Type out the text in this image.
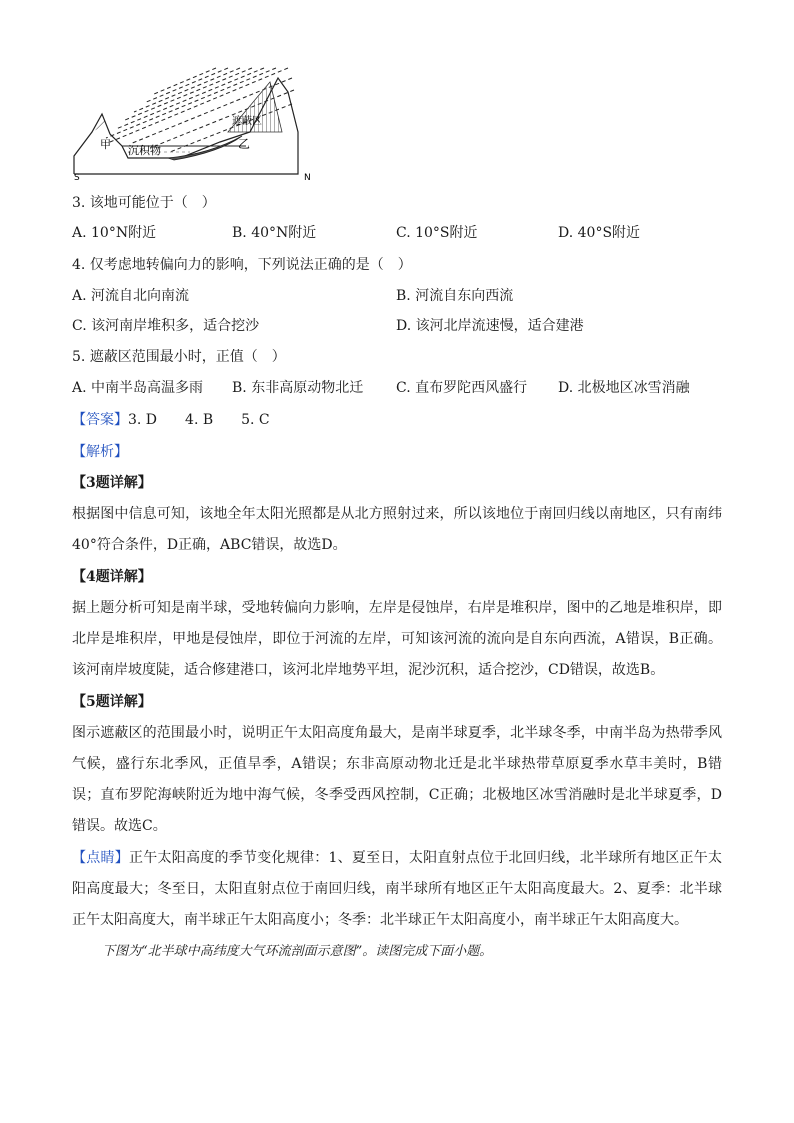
甲 沉积物	乙
遮蔽区
S	N
3. 该地可能位于（　）
A. 10°N附近	B. 40°N附近	C. 10°S附近	D. 40°S附近
4. 仅考虑地转偏向力的影响，下列说法正确的是（　）
A. 河流自北向南流	B. 河流自东向西流
C. 该河南岸堆积多，适合挖沙	D. 该河北岸流速慢，适合建港
5. 遮蔽区范围最小时，正值（　）
A. 中南半岛高温多雨 B. 东非高原动物北迁 C. 直布罗陀西风盛行 D. 北极地区冰雪消融
【答案】3. D　　4. B　　5. C
【解析】
【3题详解】
根据图中信息可知，该地全年太阳光照都是从北方照射过来，所以该地位于南回归线以南地区，只有南纬40°符合条件，D正确，ABC错误，故选D。
【4题详解】
据上题分析可知是南半球，受地转偏向力影响，左岸是侵蚀岸，右岸是堆积岸，图中的乙地是堆积岸，即北岸是堆积岸，甲地是侵蚀岸，即位于河流的左岸，可知该河流的流向是自东向西流，A错误，B正确。该河南岸坡度陡，适合修建港口，该河北岸地势平坦，泥沙沉积，适合挖沙，CD错误，故选B。
【5题详解】
图示遮蔽区的范围最小时，说明正午太阳高度角最大，是南半球夏季，北半球冬季，中南半岛为热带季风气候，盛行东北季风，正值旱季，A错误；东非高原动物北迁是北半球热带草原夏季水草丰美时，B错误；直布罗陀海峡附近为地中海气候，冬季受西风控制，C正确；北极地区冰雪消融时是北半球夏季，D错误。故选C。
【点睛】正午太阳高度的季节变化规律：1、夏至日，太阳直射点位于北回归线，北半球所有地区正午太阳高度最大；冬至日，太阳直射点位于南回归线，南半球所有地区正午太阳高度最大。2、夏季：北半球正午太阳高度大，南半球正午太阳高度小；冬季：北半球正午太阳高度小，南半球正午太阳高度大。
下图为“北半球中高纬度大气环流剖面示意图”。读图完成下面小题。
